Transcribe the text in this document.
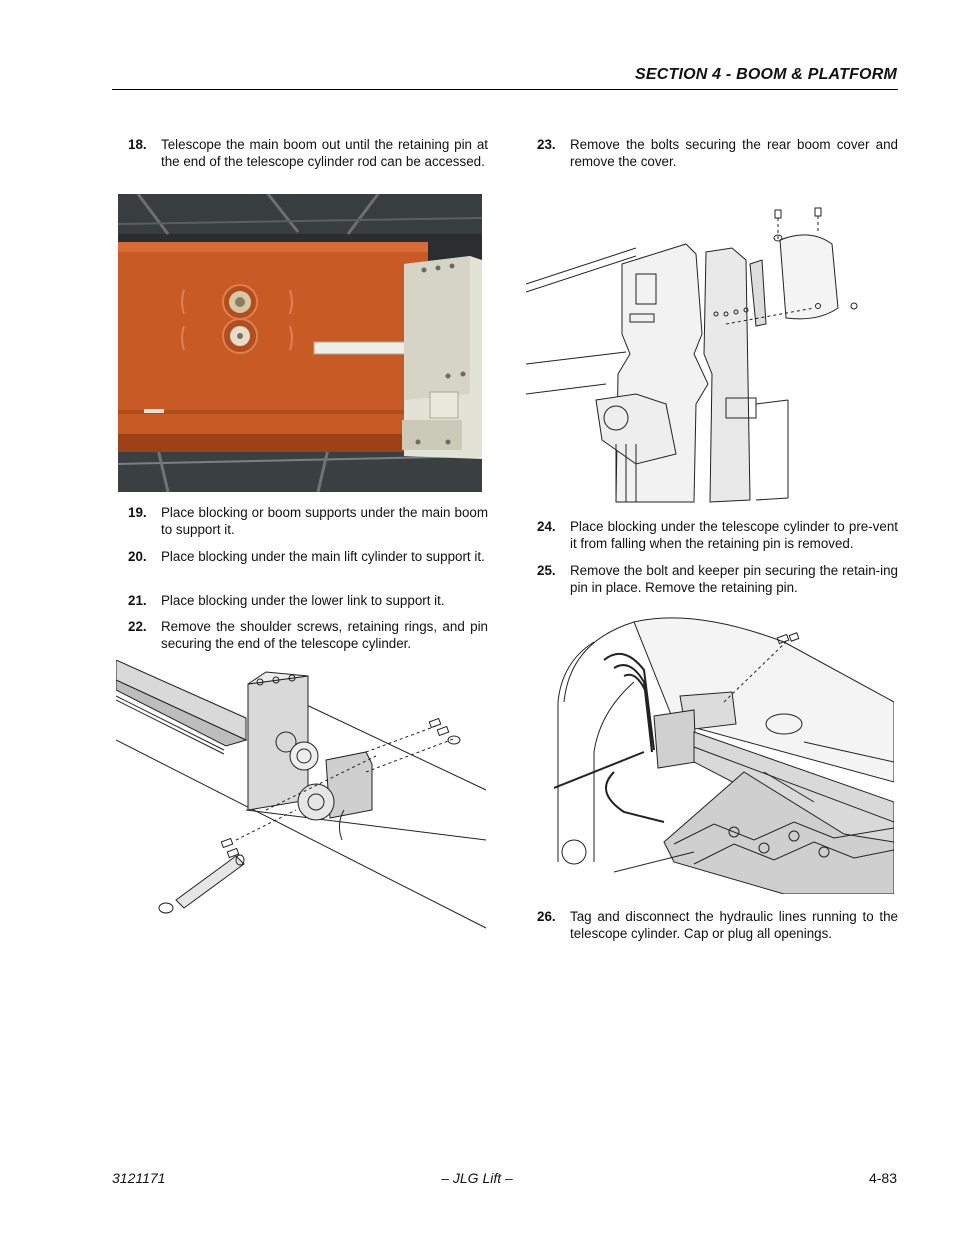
SECTION 4 - BOOM & PLATFORM
18. Telescope the main boom out until the retaining pin at the end of the telescope cylinder rod can be accessed.
19. Place blocking or boom supports under the main boom to support it.
20. Place blocking under the main lift cylinder to support it.
21. Place blocking under the lower link to support it.
22. Remove the shoulder screws, retaining rings, and pin securing the end of the telescope cylinder.
23. Remove the bolts securing the rear boom cover and remove the cover.
24. Place blocking under the telescope cylinder to pre-vent it from falling when the retaining pin is removed.
25. Remove the bolt and keeper pin securing the retain-ing pin in place. Remove the retaining pin.
26. Tag and disconnect the hydraulic lines running to the telescope cylinder. Cap or plug all openings.
3121171	– JLG Lift –	4-83
